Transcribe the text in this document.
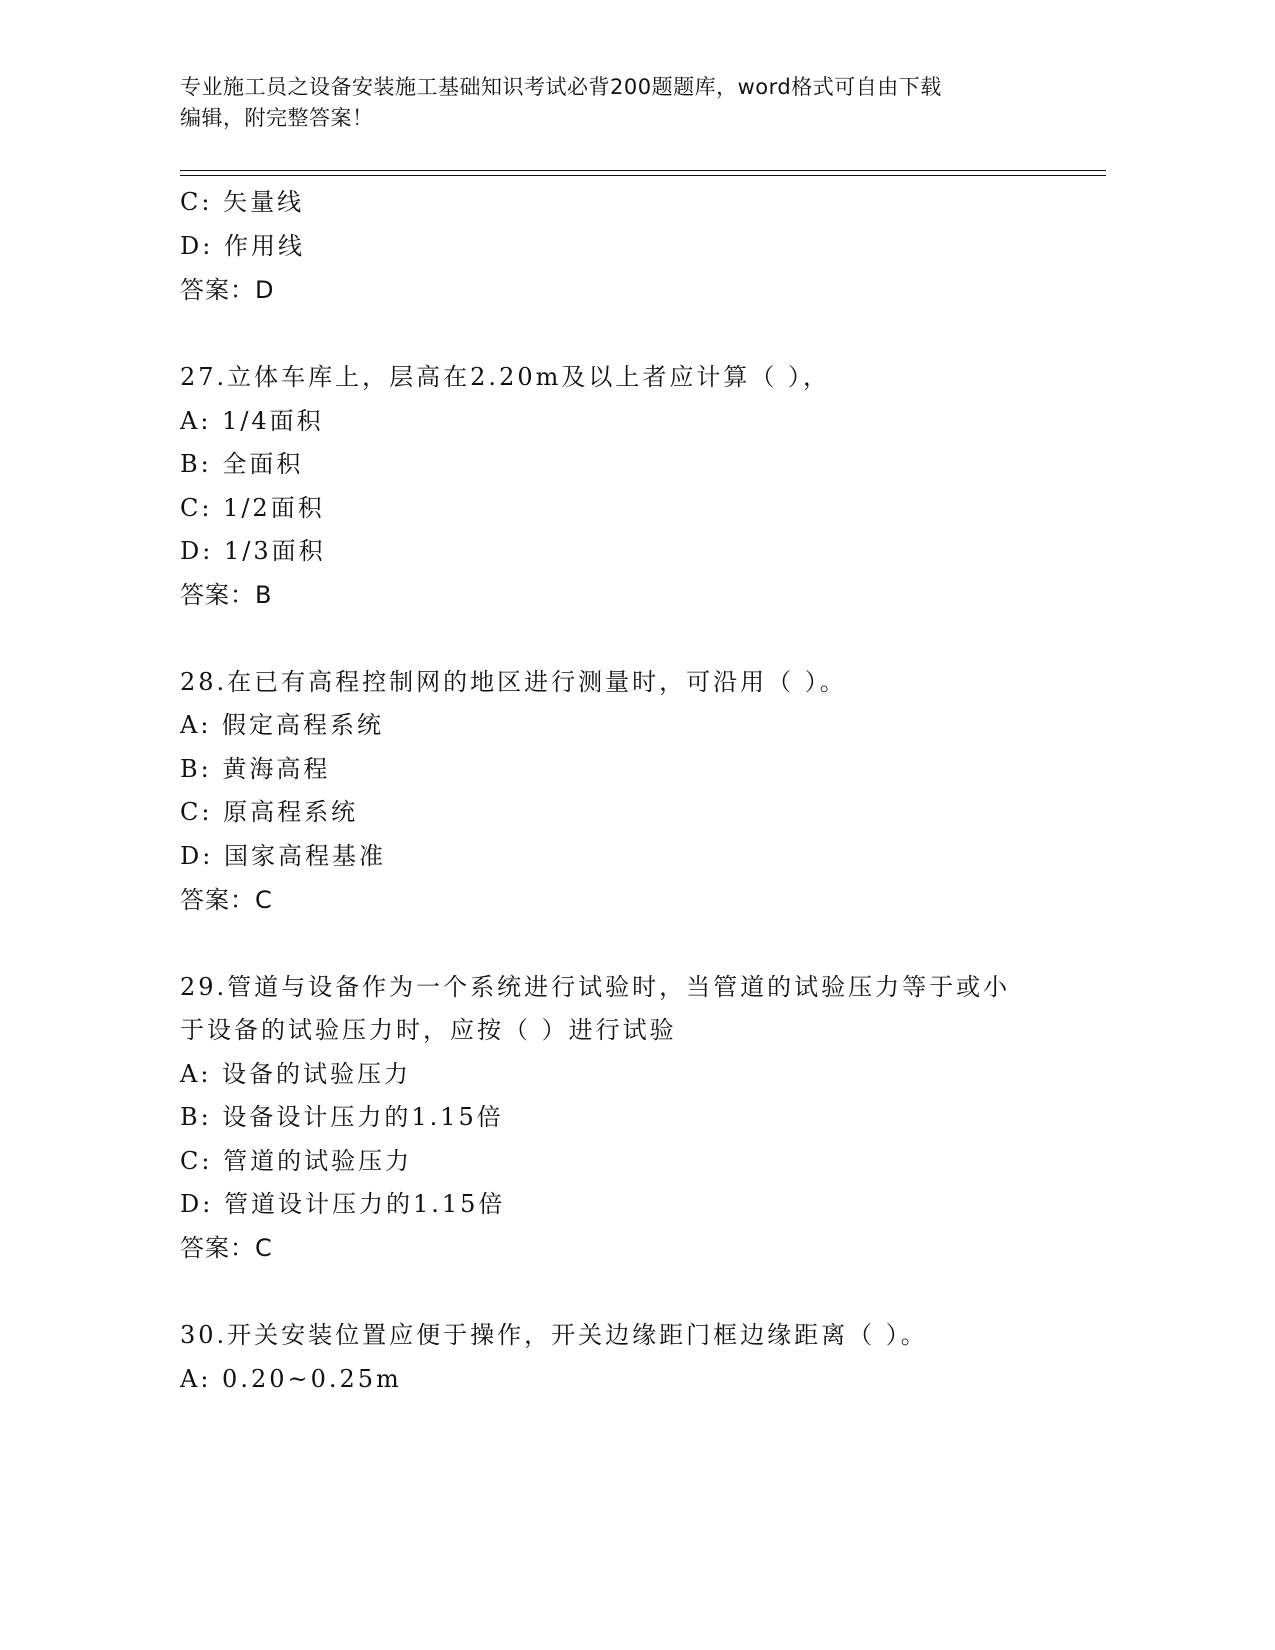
专业施工员之设备安装施工基础知识考试必背200题题库，word格式可自由下载
编辑，附完整答案！
C: 矢量线
D: 作用线
答案：D
27.立体车库上，层高在2.20m及以上者应计算（ ），
A: 1/4面积
B: 全面积
C: 1/2面积
D: 1/3面积
答案：B
28.在已有高程控制网的地区进行测量时，可沿用（ ）。
A: 假定高程系统
B: 黄海高程
C: 原高程系统
D: 国家高程基准
答案：C
29.管道与设备作为一个系统进行试验时，当管道的试验压力等于或小
于设备的试验压力时，应按（ ）进行试验
A: 设备的试验压力
B: 设备设计压力的1.15倍
C: 管道的试验压力
D: 管道设计压力的1.15倍
答案：C
30.开关安装位置应便于操作，开关边缘距门框边缘距离（ ）。
A: 0.20~0.25m
